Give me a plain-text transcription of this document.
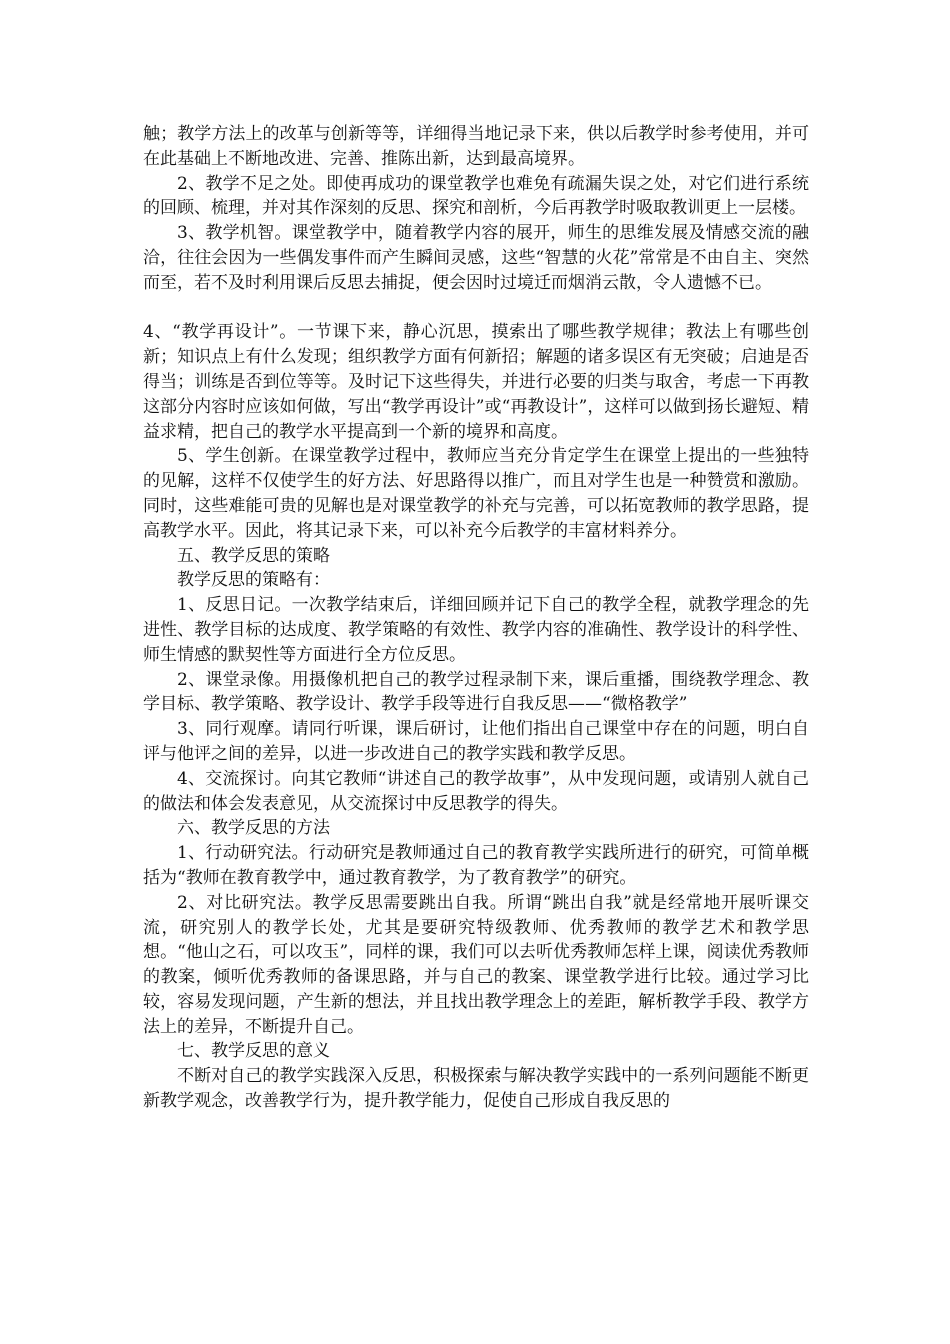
触；教学方法上的改革与创新等等，详细得当地记录下来，供以后教学时参考使用，并可在此基础上不断地改进、完善、推陈出新，达到最高境界。

2、教学不足之处。即使再成功的课堂教学也难免有疏漏失误之处，对它们进行系统的回顾、梳理，并对其作深刻的反思、探究和剖析，今后再教学时吸取教训更上一层楼。

3、教学机智。课堂教学中，随着教学内容的展开，师生的思维发展及情感交流的融洽，往往会因为一些偶发事件而产生瞬间灵感，这些“智慧的火花”常常是不由自主、突然而至，若不及时利用课后反思去捕捉，便会因时过境迁而烟消云散，令人遗憾不已。

4、“教学再设计”。一节课下来，静心沉思，摸索出了哪些教学规律；教法上有哪些创新；知识点上有什么发现；组织教学方面有何新招；解题的诸多误区有无突破；启迪是否得当；训练是否到位等等。及时记下这些得失，并进行必要的归类与取舍，考虑一下再教这部分内容时应该如何做，写出“教学再设计”或“再教设计”，这样可以做到扬长避短、精益求精，把自己的教学水平提高到一个新的境界和高度。

5、学生创新。在课堂教学过程中，教师应当充分肯定学生在课堂上提出的一些独特的见解，这样不仅使学生的好方法、好思路得以推广，而且对学生也是一种赞赏和激励。同时，这些难能可贵的见解也是对课堂教学的补充与完善，可以拓宽教师的教学思路，提高教学水平。因此，将其记录下来，可以补充今后教学的丰富材料养分。

五、教学反思的策略

教学反思的策略有：

1、反思日记。一次教学结束后，详细回顾并记下自己的教学全程，就教学理念的先进性、教学目标的达成度、教学策略的有效性、教学内容的准确性、教学设计的科学性、师生情感的默契性等方面进行全方位反思。

2、课堂录像。用摄像机把自己的教学过程录制下来，课后重播，围绕教学理念、教学目标、教学策略、教学设计、教学手段等进行自我反思——“微格教学”

3、同行观摩。请同行听课，课后研讨，让他们指出自己课堂中存在的问题，明白自评与他评之间的差异，以进一步改进自己的教学实践和教学反思。

4、交流探讨。向其它教师“讲述自己的教学故事”，从中发现问题，或请别人就自己的做法和体会发表意见，从交流探讨中反思教学的得失。

六、教学反思的方法

1、行动研究法。行动研究是教师通过自己的教育教学实践所进行的研究，可简单概括为“教师在教育教学中，通过教育教学，为了教育教学”的研究。

2、对比研究法。教学反思需要跳出自我。所谓“跳出自我”就是经常地开展听课交流，研究别人的教学长处，尤其是要研究特级教师、优秀教师的教学艺术和教学思想。“他山之石，可以攻玉”，同样的课，我们可以去听优秀教师怎样上课，阅读优秀教师的教案，倾听优秀教师的备课思路，并与自己的教案、课堂教学进行比较。通过学习比较，容易发现问题，产生新的想法，并且找出教学理念上的差距，解析教学手段、教学方法上的差异，不断提升自己。

七、教学反思的意义

不断对自己的教学实践深入反思，积极探索与解决教学实践中的一系列问题能不断更新教学观念，改善教学行为，提升教学能力，促使自己形成自我反思的
